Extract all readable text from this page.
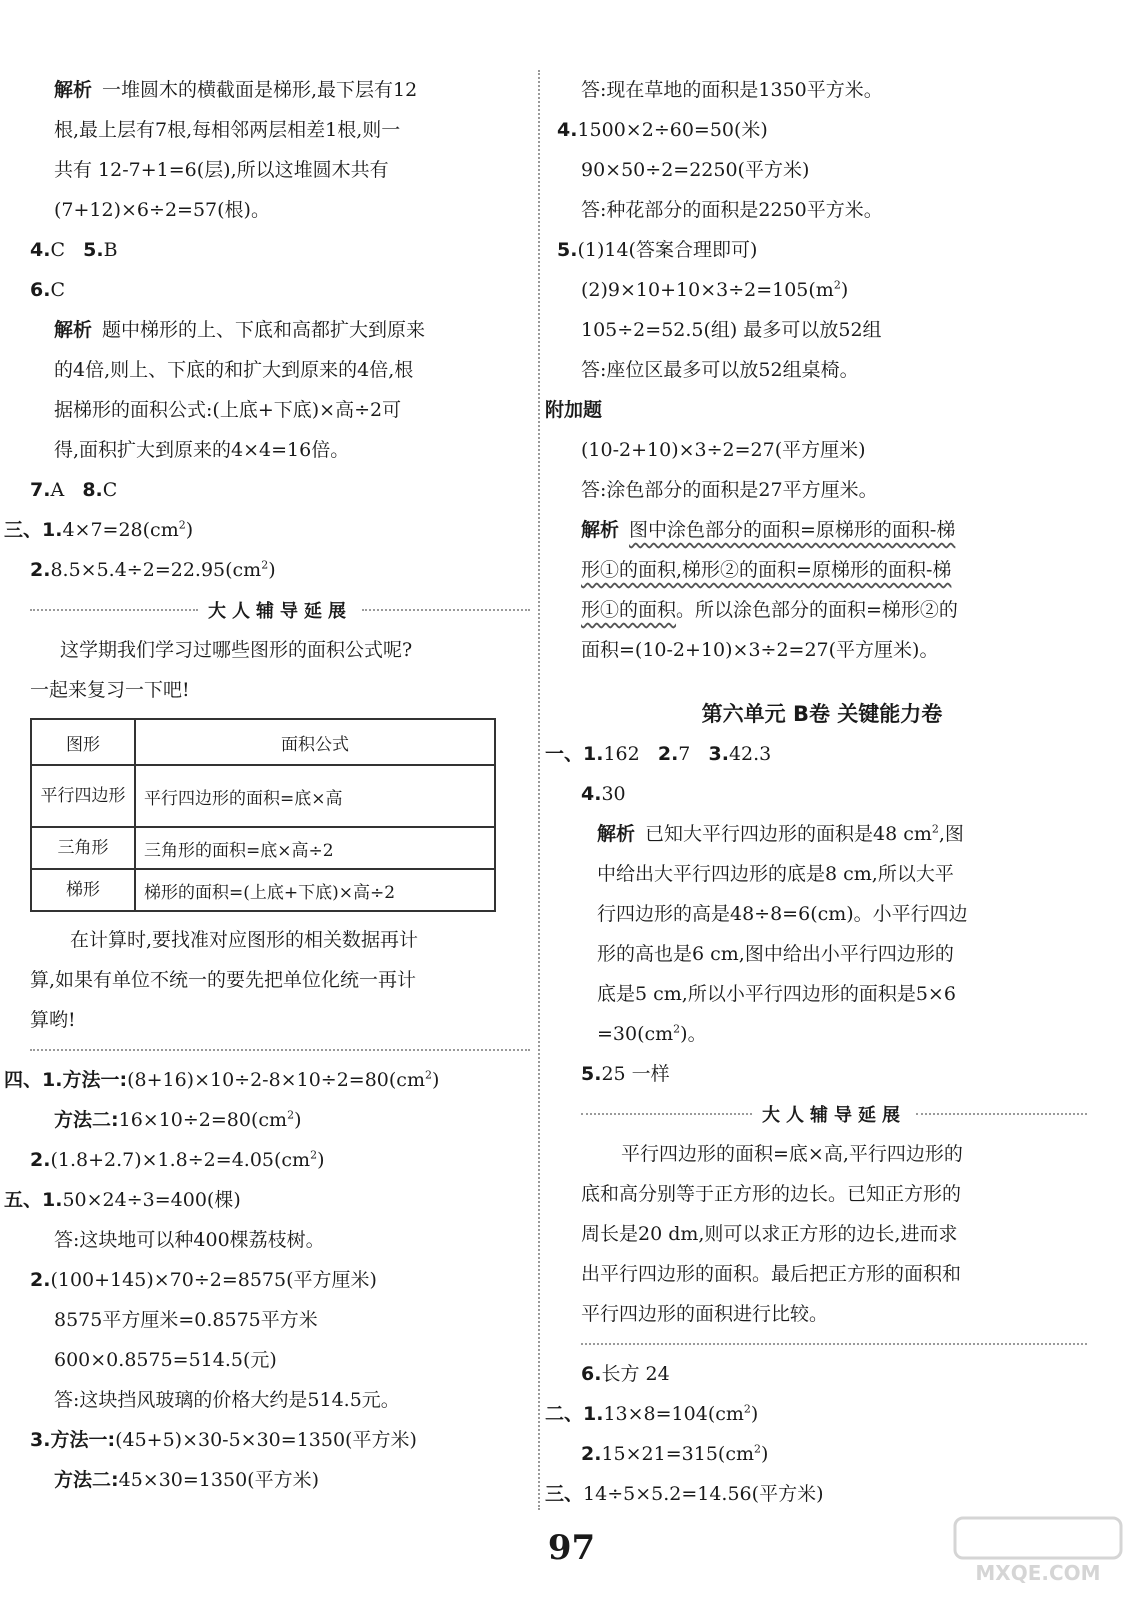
解析 一堆圆木的横截面是梯形,最下层有12
根,最上层有7根,每相邻两层相差1根,则一
共有 12-7+1=6(层),所以这堆圆木共有
(7+12)×6÷2=57(根)。
4.C 5.B
6.C
解析 题中梯形的上、下底和高都扩大到原来
的4倍,则上、下底的和扩大到原来的4倍,根
据梯形的面积公式:(上底+下底)×高÷2可
得,面积扩大到原来的4×4=16倍。
7.A 8.C
三、$1.4\times 7=28(cm^2)$
$2.8.5\times 5.4\div 2=22.95(cm^2)$
大人辅导延展
这学期我们学习过哪些图形的面积公式呢?
一起来复习一下吧!
图形	面积公式
平行四边形	平行四边形的面积=底×高
三角形	三角形的面积=底×高÷2
梯形	梯形的面积=(上底+下底)×高÷2
在计算时,要找准对应图形的相关数据再计
算,如果有单位不统一的要先把单位化统一再计
算哟!
四、1.方法一$:(8+16)\times 10\div 2-8\times 10\div 2=80(cm^2)$
方法二$:16\times 10\div 2=80(cm^2)$
$2.(1.8+2.7)\times 1.8\div 2=4.05(cm^2)$
五、1.50×24÷3=400(棵)
答:这块地可以种400棵荔枝树。
2.(100+145)×70÷2=8575(平方厘米)
8575平方厘米=0.8575平方米
600×0.8575=514.5(元)
答:这块挡风玻璃的价格大约是514.5元。
3.方法一:(45+5)×30-5×30=1350(平方米)
方法二:45×30=1350(平方米)
答:现在草地的面积是1350平方米。
4.1500×2÷60=50(米)
90×50÷2=2250(平方米)
答:种花部分的面积是2250平方米。
5.(1)14(答案合理即可)
$(2)9\times 10+10\times 3\div 2=105(m^2)$
105÷2=52.5(组) 最多可以放52组
答:座位区最多可以放52组桌椅。
附加题
(10-2+10)×3÷2=27(平方厘米)
答:涂色部分的面积是27平方厘米。
解析 图中涂色部分的面积=原梯形的面积-梯
形①的面积,梯形②的面积=原梯形的面积-梯
形①的面积。所以涂色部分的面积=梯形②的
面积=(10-2+10)×3÷2=27(平方厘米)。
第六单元 B卷 关键能力卷
一、1.162 2.7 3.42.3
4.30
解析 已知大平行四边形的面积是48 $cm^2$,图
中给出大平行四边形的底是8 cm,所以大平
行四边形的高是48÷8=6(cm)。小平行四边
形的高也是6 cm,图中给出小平行四边形的
底是5 cm,所以小平行四边形的面积是5×6
$=30(cm^2)$。
5.25 一样
大人辅导延展
平行四边形的面积=底×高,平行四边形的
底和高分别等于正方形的边长。已知正方形的
周长是20 dm,则可以求正方形的边长,进而求
出平行四边形的面积。最后把正方形的面积和
平行四边形的面积进行比较。
6.长方 24
二、$1.13\times 8=104(cm^2)$
$2.15\times 21=315(cm^2)$
三、14÷5×5.2=14.56(平方米)
97
MXQE.COM
